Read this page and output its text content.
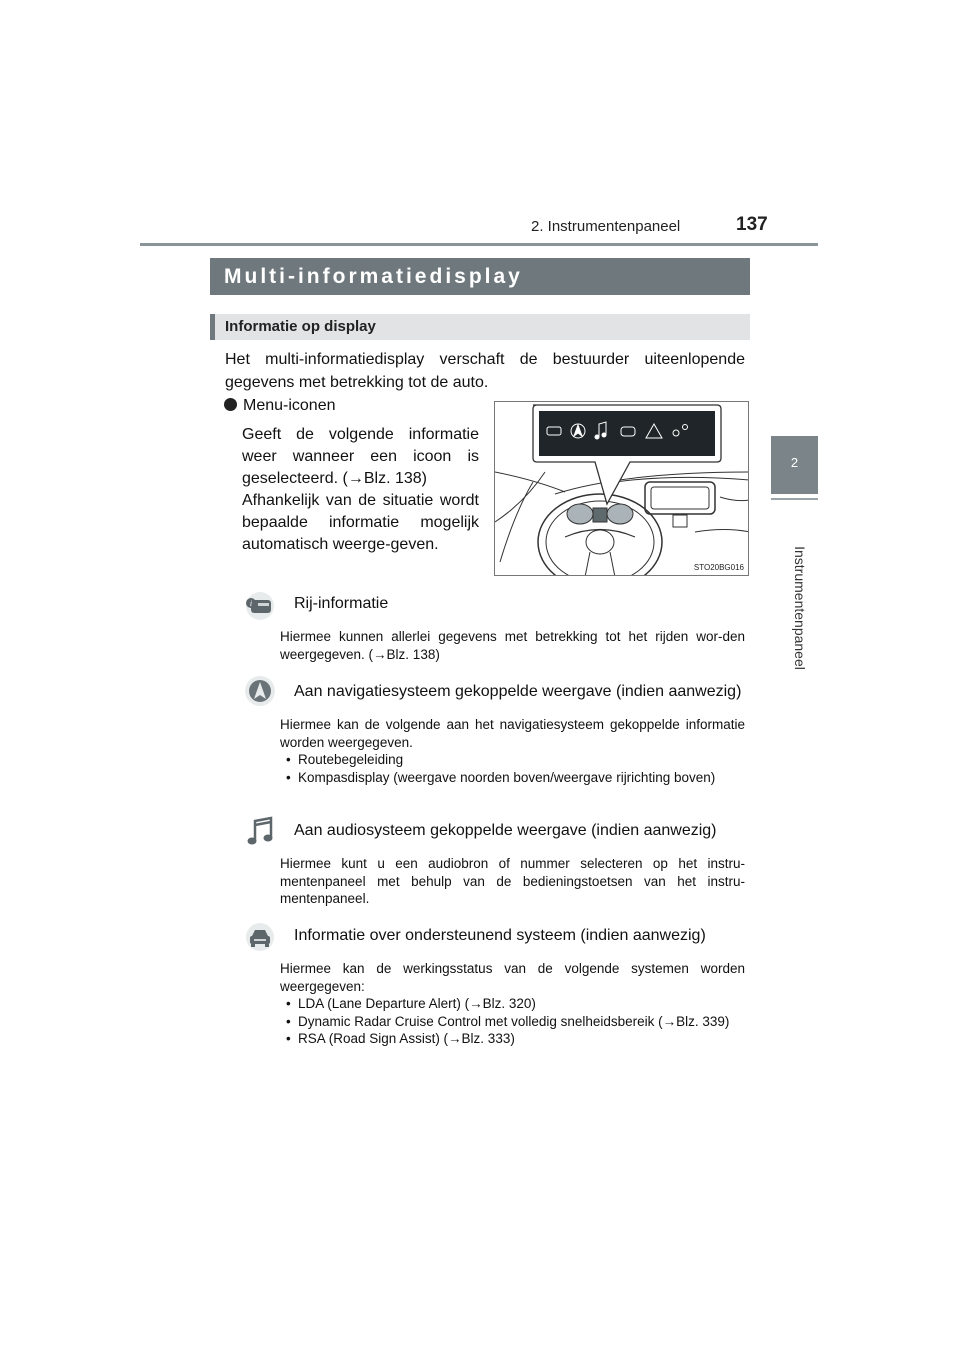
2. Instrumentenpaneel	137
2
Instrumentenpaneel
Multi-informatiedisplay
Informatie op display
Het multi-informatiedisplay verschaft de bestuurder uiteenlopende gegevens met betrekking tot de auto.
Menu-iconen

Geeft de volgende informatie weer wanneer een icoon is geselecteerd. (→Blz. 138)

Afhankelijk van de situatie wordt bepaalde informatie mogelijk automatisch weerge-geven.

STO20BG016
i	Rij-informatie

Hiermee kunnen allerlei gegevens met betrekking tot het rijden wor-den weergegeven. (→Blz. 138)

Aan navigatiesysteem gekoppelde weergave (indien aanwezig)

Hiermee kan de volgende aan het navigatiesysteem gekoppelde informatie worden weergegeven.

• Routebegeleiding
• Kompasdisplay (weergave noorden boven/weergave rijrichting boven)
Aan audiosysteem gekoppelde weergave (indien aanwezig)

Hiermee kunt u een audiobron of nummer selecteren op het instru-mentenpaneel met behulp van de bedieningstoetsen van het instru-mentenpaneel.

Informatie over ondersteunend systeem (indien aanwezig)

Hiermee kan de werkingsstatus van de volgende systemen worden weergegeven:

• LDA (Lane Departure Alert) (→Blz. 320)
• Dynamic Radar Cruise Control met volledig snelheidsbereik (→Blz. 339)
• RSA (Road Sign Assist) (→Blz. 333)
